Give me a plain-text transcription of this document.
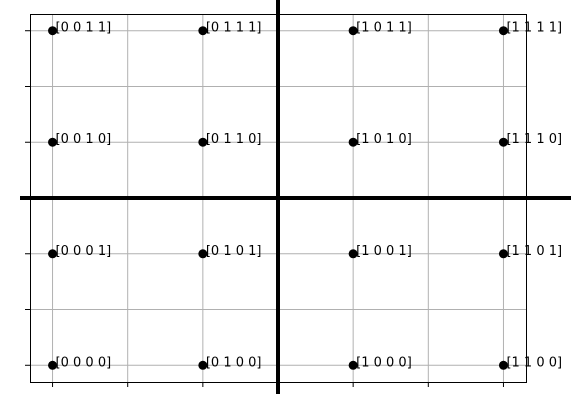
[0 0 1 1]	[0 1 1 1]	[1 0 1 1]	[1 1 1 1]
[0 0 1 0]	[0 1 1 0]	[1 0 1 0]	[1 1 1 0]
[0 0 0 1]	[0 1 0 1]	[1 0 0 1]	[1 1 0 1]
[0 0 0 0]	[0 1 0 0]	[1 0 0 0]	[1 1 0 0]
